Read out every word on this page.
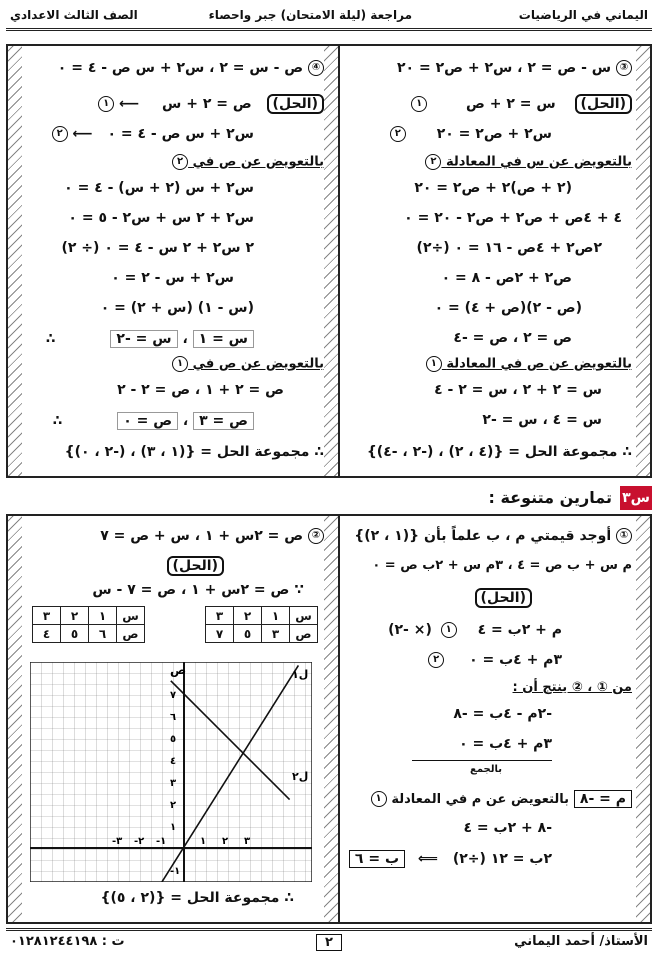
اليماني في الرياضيات
مراجعة (ليلة الامتحان) جبر واحصاء
الصف الثالث الاعدادي
③ س - ص = ٢ ، س٢ + ص٢ = ٢٠
(الحل) س = ٢ + ص ١
س٢ + ص٢ = ٢٠ ٢
بالتعويض عن س في المعادلة ٢
(٢ + ص)٢ + ص٢ = ٢٠
٤ + ٤ص + ص٢ + ص٢ - ٢٠ = ٠
٢ص٢ + ٤ص - ١٦ = ٠ (÷٢)
ص٢ + ٢ص - ٨ = ٠
(ص - ٢)(ص + ٤) = ٠
ص = ٢ ، ص = -٤
بالتعويض عن ص في المعادلة ١
س = ٢ + ٢ ، س = ٢ - ٤
س = ٤ ، س = -٢
∴ مجموعة الحل = {(٤ ، ٢) ، (-٢ ، -٤)}
④ ص - س = ٢ ، س٢ + س ص - ٤ = ٠
(الحل) ص = ٢ + س ⟵ ١
س٢ + س ص - ٤ = ٠ ⟵ ٢
بالتعويض عن ص في ٢
س٢ + س (٢ + س) - ٤ = ٠
س٢ + ٢ س + س٢ - ٥ = ٠
٢ س٢ + ٢ س - ٤ = ٠ (÷ ٢)
س٢ + س - ٢ = ٠
(س - ١) (س + ٢) = ٠
س = ١ ، س = -٢ ∴
بالتعويض عن ص في ١
ص = ٢ + ١ ، ص = ٢ - ٢
ص = ٣ ، ص = ٠ ∴
∴ مجموعة الحل = {(١ ، ٣) ، (-٢ ، ٠)}
س٣
تمارين متنوعة :
① أوجد قيمتي م ، ب علماً بأن {(١ ، ٢)}
م س + ب ص = ٤ ، ٣م س + ٢ب ص = ٠
(الحل)
م + ٢ب = ٤ ١ (× -٢)
٣م + ٤ب = ٠ ٢
من ① ، ② ينتج أن :
-٢م - ٤ب = -٨
٣م + ٤ب = ٠
بالجمع
م = -٨ بالتعويض عن م في المعادلة ١
-٨ + ٢ب = ٤
٢ب = ١٢ (÷٢) ⟸ ب = ٦
② ص = ٢س + ١ ، س + ص = ٧
(الحل)
∵ ص = ٢س + ١ ، ص = ٧ - س
س	١	٢	٣
ص	٣	٥	٧
س	١	٢	٣
ص	٦	٥	٤
ل١
ل٢
ص
-٣ -٢ -١	١ ٢ ٣
٧
٦
٥
٤
٣
٢
١
-١
∴ مجموعة الحل = {(٢ ، ٥)}
الأستاذ/ أحمد اليماني
٢
ت : ٠١٢٨١٢٤٤١٩٨
